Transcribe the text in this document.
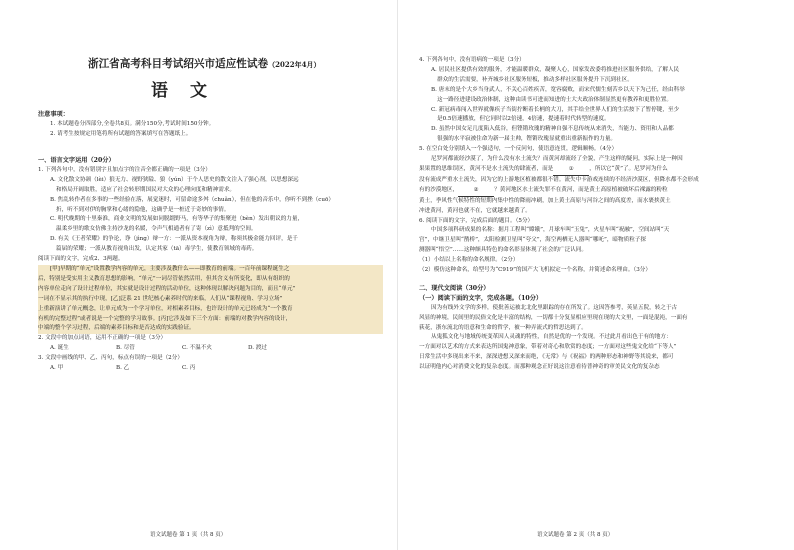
浙江省高考科目考试绍兴市适应性试卷（2022年4月）
语文
注意事项：
1. 本试题卷分四部分,全卷共8页。满分150分,考试时间150分钟。
2. 请考生按规定用笔将所有试题的答案填写在答题纸上。
一、语言文字运用（20分）
1. 下列各句中，没有错别字且加点字的注音全都正确的一项是（3分）
A. 文化散文协颉（lèi）狼无力、视野狭隘、狼（yún）于个人思史的散文注入了强心剂，以思想深远
和格局开阔取胜，适应了社会转形期国民对大众的心理向度和精神需求。
B. 焦乱转作者在多事的一些经验在落，展觉迷时，可留命途多舛（chuǎn），但在他的音乐中，你听不到挫（cuō）
折，听不到对伊的胸掌和心绪的隐他，这确乎是一桩近于奇妙的事情。
C. 明代晚期的十里秦淮，商业文明的发展如同脱缰野马，有等华子的集聚迸（bèn）发出朝议的力量，
温柔乡里的歌女仿佛主持沙龙的名媛，令声气相通者有了寄（zì）意抵判的空间。
D. 有关《王者荣耀》的争论，诤（jìng）辩一方：一派从资本视角为辩，称须其极金能力回评，是千
篇届的荣耀；一派从教育视角出发，认定其家（tā）毒学生，使教育领域的毒药。
阅读下面的文字，完成2、3两题。
[甲]早期的“单元”设置教学内容的单元，主要涉及教什么——即教育的前端。一百年前课程诞生之
后，特别是受实用主义教育思想的影响，“单元”一词尽管依然活用，但其含义有所变化，即从有组织的
内容单位走向了设计过程单位，其实就是设计过程的活动单位，这种体现以解决问题为目的，而且“单元”
一词在不显示其的执行中现，[乙]泛系 21 世纪核心素养时代的来临，人们从“课程视角、学习立场”
上重新演讲了单元概念，让单元成为一个学习单位，对相素养目标，也许设计的单元已经成为“一个教育
有机的完整过程”或者说是一个完整的学习故事。[丙]它涉及如下三个方面：前端的对教学内容的设计，
中端的整个学习过程，后端的素养目标和是否达成的实践验证。
2. 文段中的加点词语，运用不正确的一项是（3分）
A. 诞生	B. 尽管	C. 不温不火	D. 渡过
3. 文段中画线的甲、乙、丙句，标点有误的一项是（2分）
A. 甲	B. 乙	C. 丙
语文试题卷 第 1 页（共 8 页）
4. 下列各句中，没有语病的一项是（3分）
A. 居民社区提供有效的服务，才能温暖群众，凝聚人心，国家发改委将推进社区服务供给，了解人民
群众的生活需要，补齐城乡社区服务短板，推动多样社区服务提升下沉到社区。
B. 唐末的是个大乡当身武人，不关心百姓疾苦，宽容腐败，而宋代儒生刻苦乡以天下为己任，经由科举
这一路径进建设政治体制，这种由读书可进而知进的士大夫政治体制显然更有教养和更胜位置。
C. 新冠病毒闯入世界就像疾子当街拧断着长柄的大刀，其手给全世界人们的生活按下了暂停键，至少
是0.5倍速播放，但它同时以2倍速，4倍速，提速着时代转型的速度。
D. 虽然中国女足几度陷入低谷，但铿锵玫瑰的精神自强不息传统从来消失，当能力、资用和人品都
很强的水平寂被住命为新一届主帅，铿锵玫瑰显就重出重新振作的力量。
5. 在空白处分别填入一个强适句，一个反问句，使语意连贯，逻辑顺畅。（4分）
尼罗河都流经沙漠了，为什么没有水土流失？而黄河却流经了全貌，产生这样的疑问，实际上是一种因
果果置的思维误区，黄河不是水土流失的肆流者，而是	①	，所以它“黄”了。尼罗河为什么
没有流成严重水土流失，因为它的上游地区植被都很不错。流失中卡游戏连续的不经济沙漠区，但降水都不会形成
有的沙漠地区，	②	？黄河地区水土流失罪不在黄河，而是黄土高原植被破坏后裸露的粉粒
黄土，季风性气候特性的短期内集中性的降雨冲刷，加上黄土高原与河谷之间的高度差，而水裹挟黄土
冲进黄河，黄河也就不在，它就越来越黄了。
6. 阅读下面的文字，完成后面的题目。（5分）
中国多项科研成果的名称：据月工程叫“嫦娥”，月球车叫“玉兔”，火星车叫“祝融”，空间站叫“天
宫”，中继卫星叫“鹊桥”，太阳检测卫星叫“夸父”，海空两栖无人器叫“哪吒”，暗物质粒子探
测器叫“悟空”……这种颇具特色的命名彰显体现了社会的广泛认同。
（1）小结以上名称的命名规律。（2分）
（2）模仿这种命名，给型号为“C919”的国产大飞机拟定一个名称，并简述命名理由。（3分）
二、现代文阅读（30分）
（一）阅读下面的文字，完成各题。（10分）
因为有线外文学的多样，使批善运被北北化里跟踪的存在所发了。这因答参考，英显五院，转之于古
风显的神境，民间里的民俗文化是丰富的结构，一切都十分复显相应里现在现的大文里，一面是混沌，一面有
荻花，浙东流北的语意和生命的哲学，被一种弄流式的哲思达到了。
从鬼狐文化与地域传统变革因人灵魂的特性，自然是优的一个发现。不过此月看出色于有的地方：
一方面对以艺术的方式来表达所国鬼神意象，带着对奇心和欣赏的态度；一方面对这些鬼文化给“下等人”
日常生活中多现出来不来，深深进想又深来而绝，《无常》与《祝福》的两种形态和神野等其说来，都可
以证明他内心对消费文化的复杂态度。而那种观念正好说这注意看待普神奇的审美民文化的复杂态
语文试题卷 第 2 页（共 8 页）
